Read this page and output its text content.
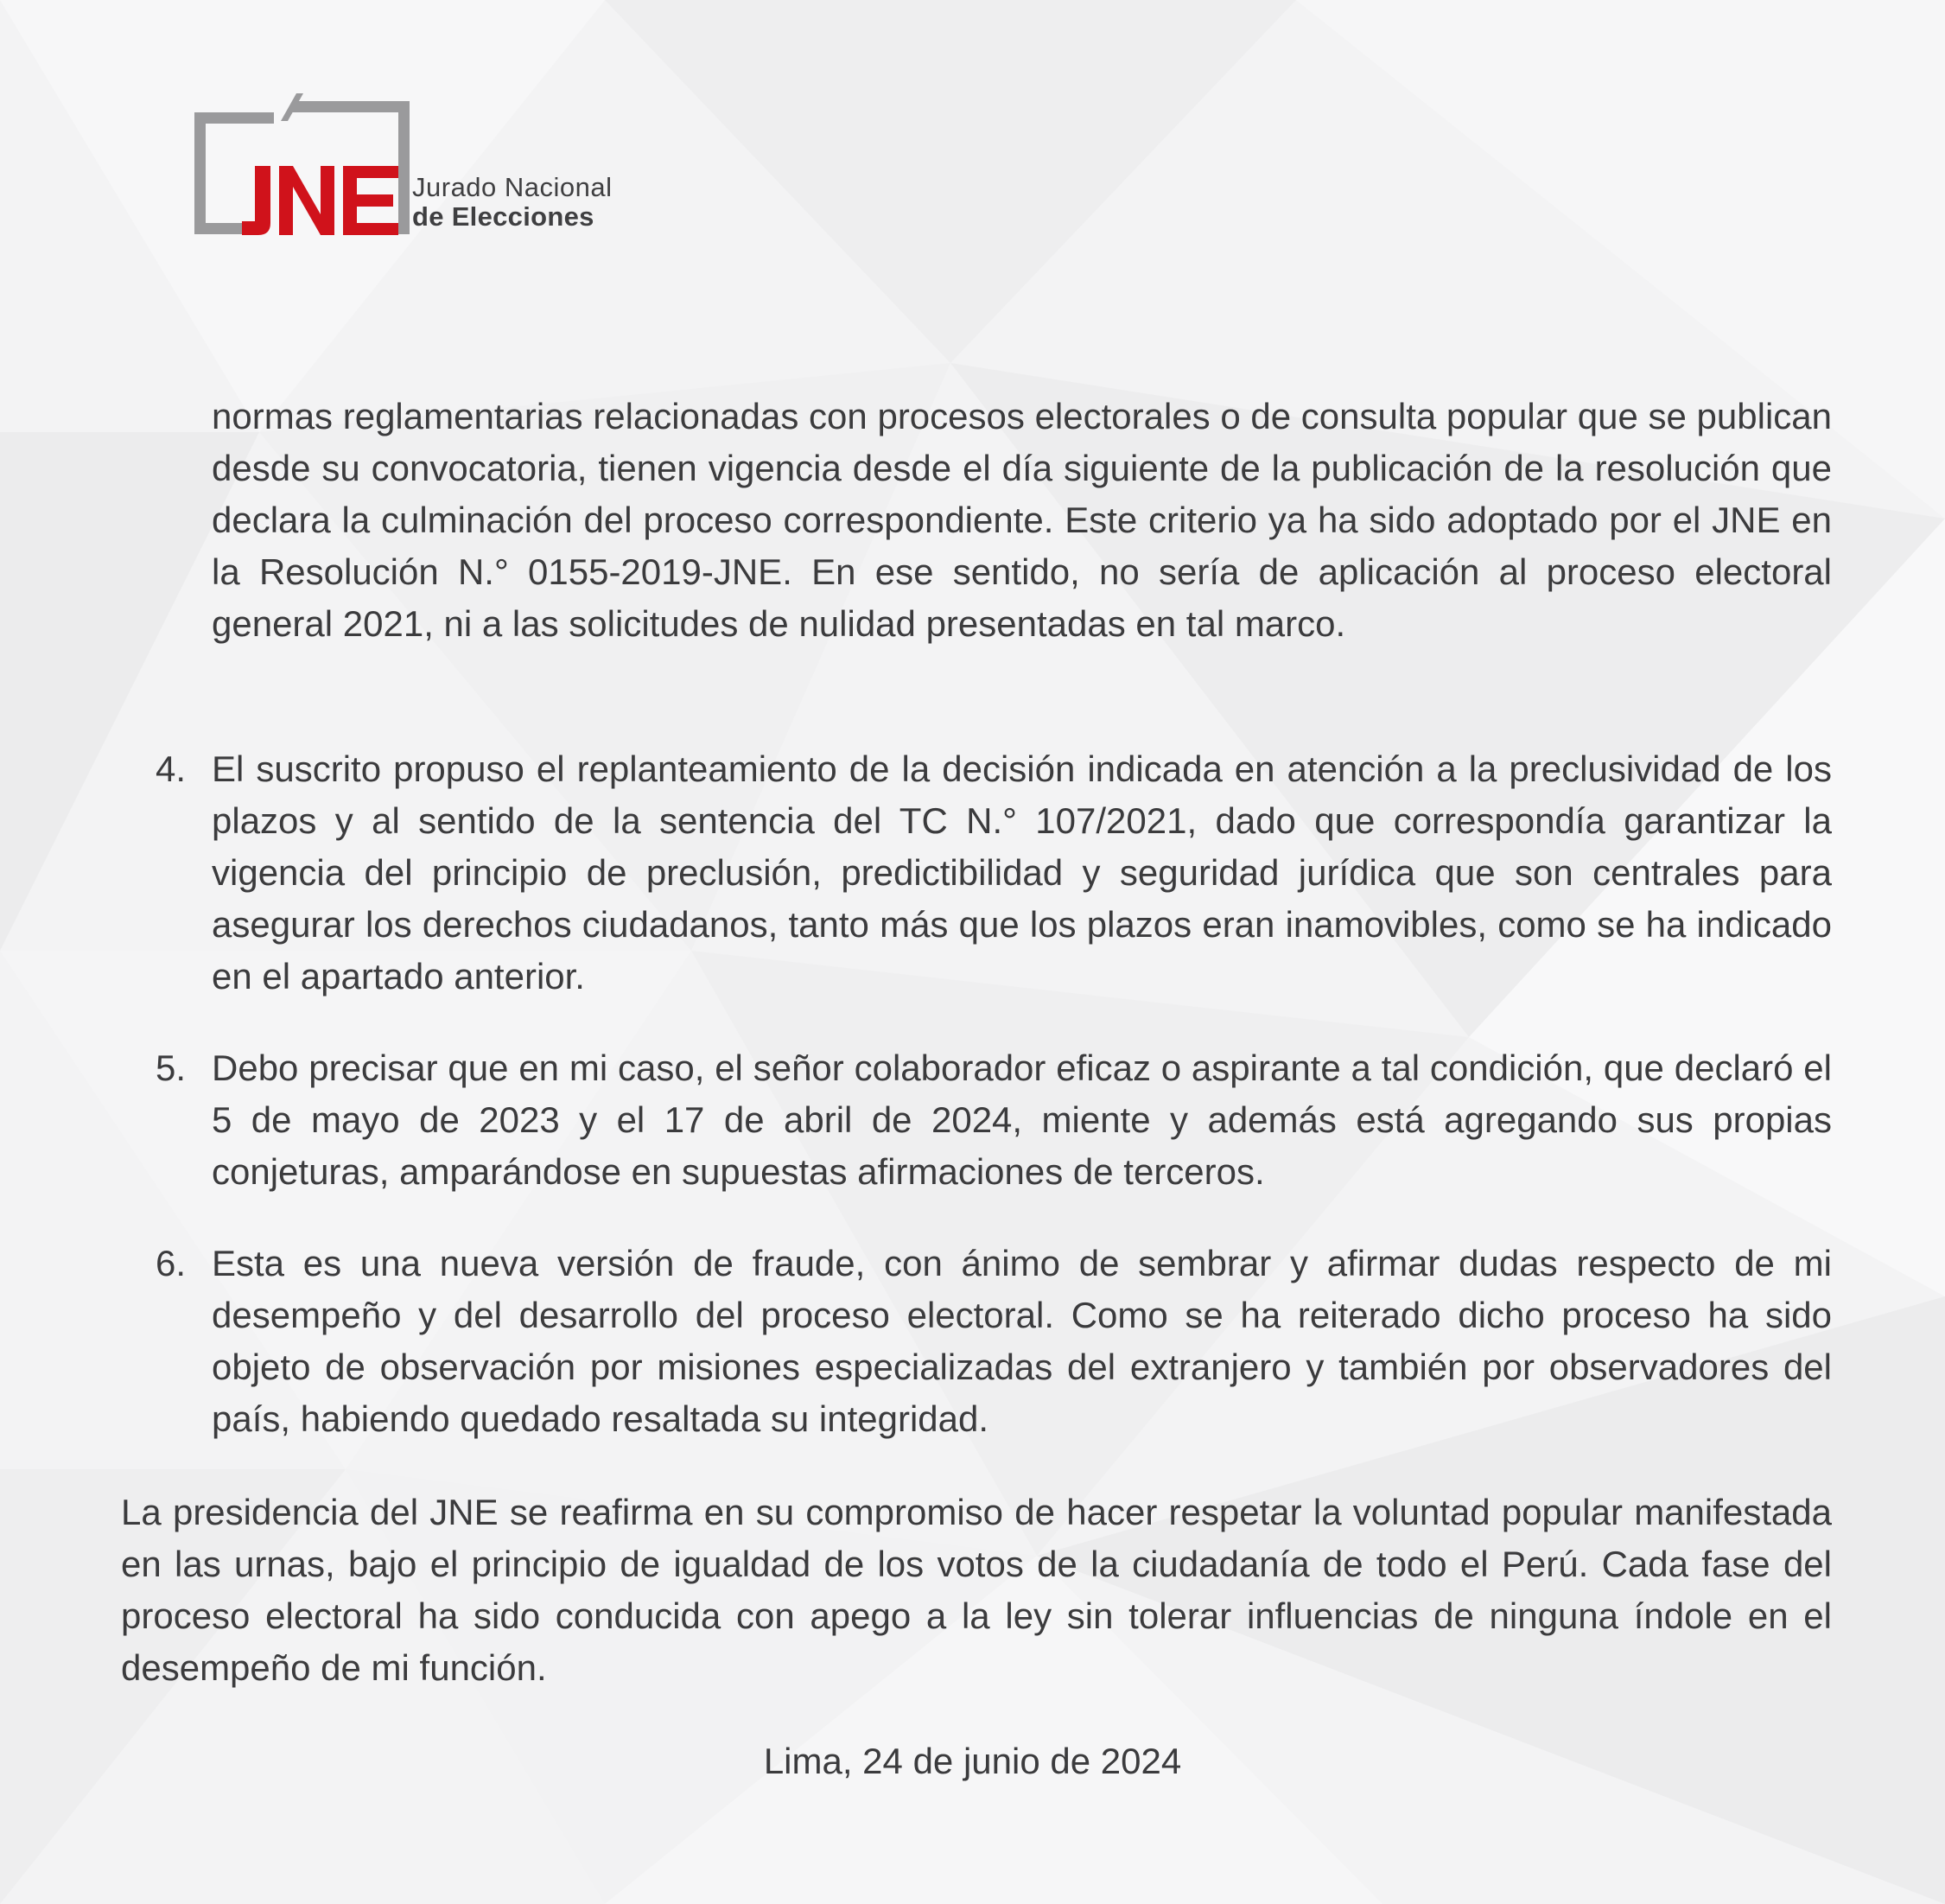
Jurado Nacional
de Elecciones
normas reglamentarias relacionadas con procesos electorales o de consulta popular que se publican desde su convocatoria, tienen vigencia desde el día siguiente de la publicación de la resolución que declara la culminación del proceso correspondiente. Este criterio ya ha sido adoptado por el JNE en la Resolución N.° 0155-2019-JNE. En ese sentido, no sería de aplicación al proceso electoral general 2021, ni a las solicitudes de nulidad presentadas en tal marco.
4. El suscrito propuso el replanteamiento de la decisión indicada en atención a la preclusividad de los plazos y al sentido de la sentencia del TC N.° 107/2021, dado que correspondía garantizar la vigencia del principio de preclusión, predictibilidad y seguridad jurídica que son centrales para asegurar los derechos ciudadanos, tanto más que los plazos eran inamovibles, como se ha indicado en el apartado anterior.
5. Debo precisar que en mi caso, el señor colaborador eficaz o aspirante a tal condición, que declaró el 5 de mayo de 2023 y el 17 de abril de 2024, miente y además está agregando sus propias conjeturas, amparándose en supuestas afirmaciones de terceros.
6. Esta es una nueva versión de fraude, con ánimo de sembrar y afirmar dudas respecto de mi desempeño y del desarrollo del proceso electoral. Como se ha reiterado dicho proceso ha sido objeto de observación por misiones especializadas del extranjero y también por observadores del país, habiendo quedado resaltada su integridad.
La presidencia del JNE se reafirma en su compromiso de hacer respetar la voluntad popular manifestada en las urnas, bajo el principio de igualdad de los votos de la ciudadanía de todo el Perú. Cada fase del proceso electoral ha sido conducida con apego a la ley sin tolerar influencias de ninguna índole en el desempeño de mi función.
Lima, 24 de junio de 2024
